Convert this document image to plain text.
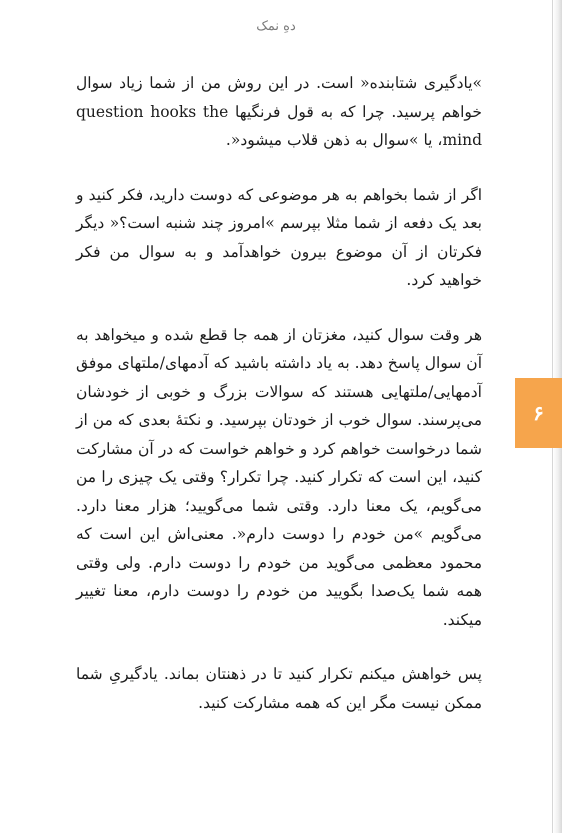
دهِ نمک

»یادگیری شتابنده« است. در این روش من از شما زیاد سوال خواهم پرسید. چرا که به قول فرنگیها question hooks the mind، یا »سوال به ذهن قلاب میشود«.

اگر از شما بخواهم به هر موضوعی که دوست دارید، فکر کنید و بعد یک دفعه از شما مثلا بپرسم »امروز چند شنبه است؟« دیگر فکرتان از آن موضوع بیرون خواهدآمد و به سوال من فکر خواهید کرد.

هر وقت سوال کنید، مغزتان از همه جا قطع شده و میخواهد به آن سوال پاسخ دهد. به یاد داشته باشید که آدمهای/ملتهای موفق آدمهایی/ملتهایی هستند که سوالات بزرگ و خوبی از خودشان می‌پرسند. سوال خوب از خودتان بپرسید. و نکتهٔ بعدی که من از شما درخواست خواهم کرد و خواهم خواست که در آن مشارکت کنید، این است که تکرار کنید. چرا تکرار؟ وقتی یک چیزی را من می‌گویم، یک معنا دارد. وقتی شما می‌گویید؛ هزار معنا دارد. می‌گویم »من خودم را دوست دارم«. معنی‌اش این است که محمود معظمی می‌گوید من خودم را دوست دارم. ولی وقتی همه شما یک‌صدا بگویید من خودم را دوست دارم، معنا تغییر میکند.

پس خواهش میکنم تکرار کنید تا در ذهنتان بماند. یادگیریِ شما ممکن نیست مگر این که همه مشارکت کنید.

۶
